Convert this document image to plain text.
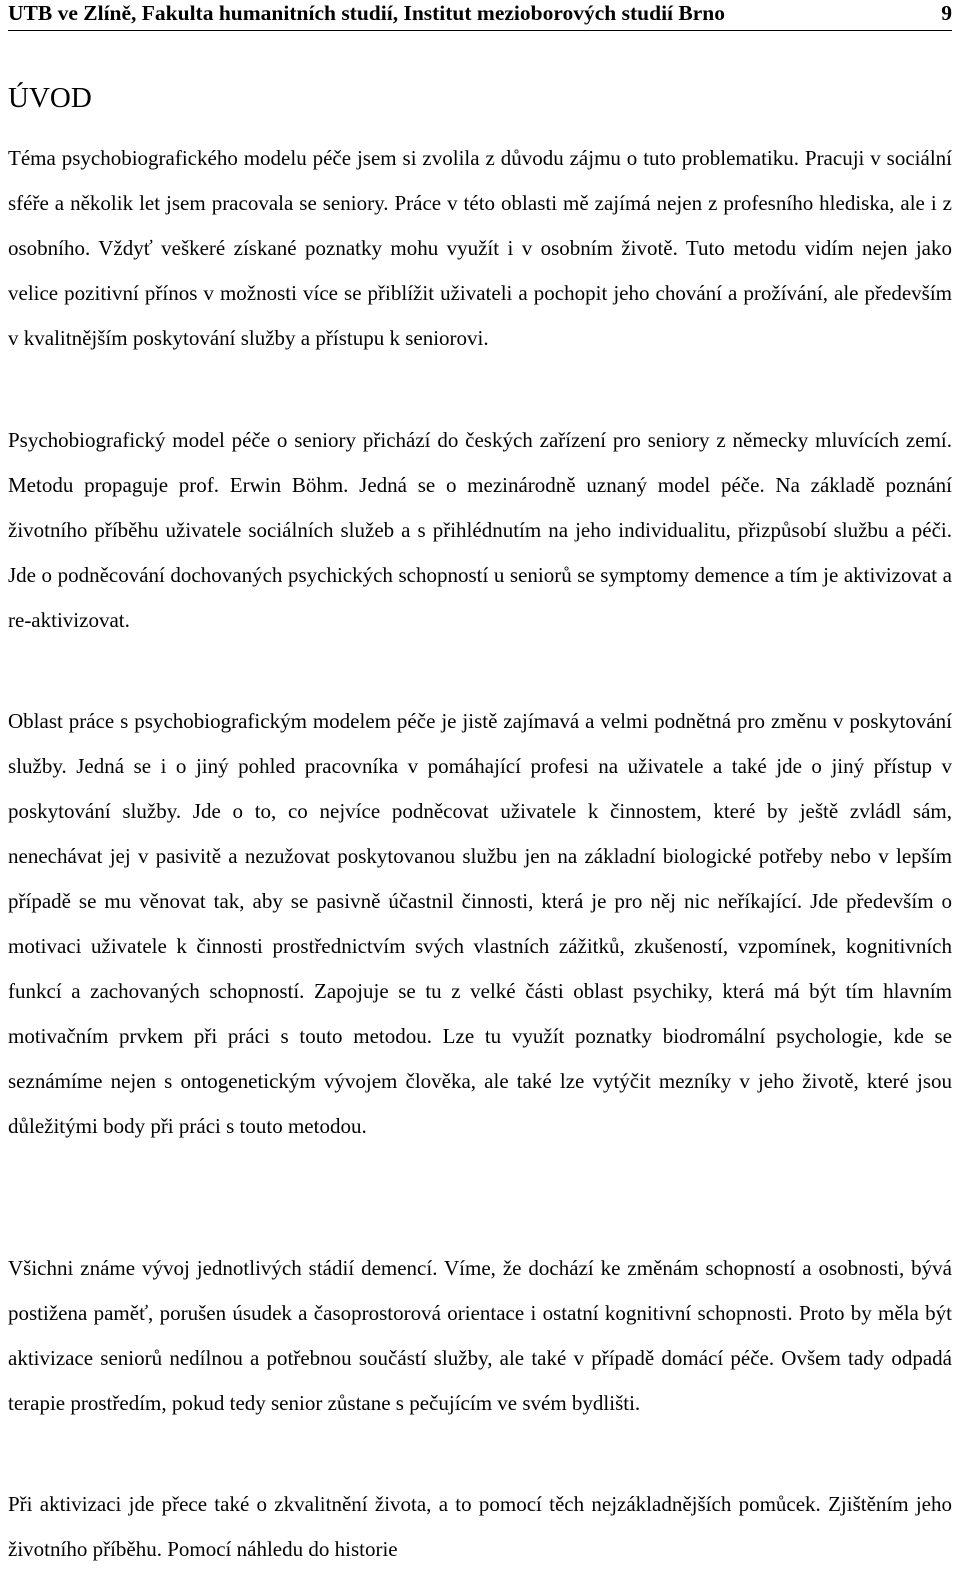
UTB ve Zlíně, Fakulta humanitních studií, Institut mezioborových studií Brno	9
ÚVOD

Téma psychobiografického modelu péče jsem si zvolila z důvodu zájmu o tuto problematiku. Pracuji v sociální sféře a několik let jsem pracovala se seniory. Práce v této oblasti mě zajímá nejen z profesního hlediska, ale i z osobního. Vždyť veškeré získané poznatky mohu využít i v osobním životě. Tuto metodu vidím nejen jako velice pozitivní přínos v možnosti více se přiblížit uživateli a pochopit jeho chování a prožívání, ale především v kvalitnějším poskytování služby a přístupu k seniorovi.

Psychobiografický model péče o seniory přichází do českých zařízení pro seniory z německy mluvících zemí. Metodu propaguje prof. Erwin Böhm. Jedná se o mezinárodně uznaný model péče. Na základě poznání životního příběhu uživatele sociálních služeb a s přihlédnutím na jeho individualitu, přizpůsobí službu a péči. Jde o podněcování dochovaných psychických schopností u seniorů se symptomy demence a tím je aktivizovat a re-aktivizovat.

Oblast práce s psychobiografickým modelem péče je jistě zajímavá a velmi podnětná pro změnu v poskytování služby. Jedná se i o jiný pohled pracovníka v pomáhající profesi na uživatele a také jde o jiný přístup v poskytování služby. Jde o to, co nejvíce podněcovat uživatele k činnostem, které by ještě zvládl sám, nenechávat jej v pasivitě a nezužovat poskytovanou službu jen na základní biologické potřeby nebo v lepším případě se mu věnovat tak, aby se pasivně účastnil činnosti, která je pro něj nic neříkající. Jde především o motivaci uživatele k činnosti prostřednictvím svých vlastních zážitků, zkušeností, vzpomínek, kognitivních funkcí a zachovaných schopností. Zapojuje se tu z velké části oblast psychiky, která má být tím hlavním motivačním prvkem při práci s touto metodou. Lze tu využít poznatky biodromální psychologie, kde se seznámíme nejen s ontogenetickým vývojem člověka, ale také lze vytýčit mezníky v jeho životě, které jsou důležitými body při práci s touto metodou.

Všichni známe vývoj jednotlivých stádií demencí. Víme, že dochází ke změnám schopností a osobnosti, bývá postižena paměť, porušen úsudek a časoprostorová orientace i ostatní kognitivní schopnosti. Proto by měla být aktivizace seniorů nedílnou a potřebnou součástí služby, ale také v případě domácí péče. Ovšem tady odpadá terapie prostředím, pokud tedy senior zůstane s pečujícím ve svém bydlišti.

Při aktivizaci jde přece také o zkvalitnění života, a to pomocí těch nejzákladnějších pomůcek. Zjištěním jeho životního příběhu. Pomocí náhledu do historie
